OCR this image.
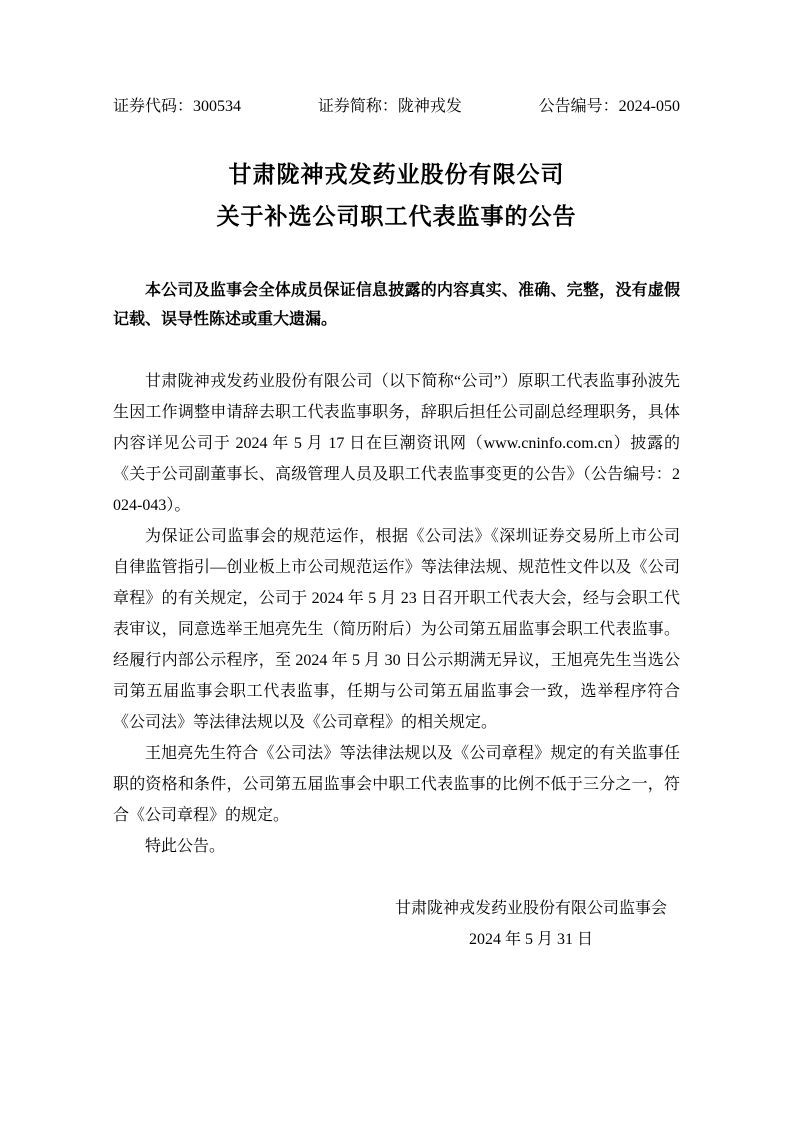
证券代码：300534	证券简称：陇神戎发	公告编号：2024-050
甘肃陇神戎发药业股份有限公司
关于补选公司职工代表监事的公告
本公司及监事会全体成员保证信息披露的内容真实、准确、完整，没有虚假记载、误导性陈述或重大遗漏。

甘肃陇神戎发药业股份有限公司（以下简称“公司”）原职工代表监事孙波先生因工作调整申请辞去职工代表监事职务，辞职后担任公司副总经理职务，具体内容详见公司于 2024 年 5 月 17 日在巨潮资讯网（www.cninfo.com.cn）披露的《关于公司副董事长、高级管理人员及职工代表监事变更的公告》（公告编号：2024-043）。

为保证公司监事会的规范运作，根据《公司法》《深圳证券交易所上市公司自律监管指引—创业板上市公司规范运作》等法律法规、规范性文件以及《公司章程》的有关规定，公司于 2024 年 5 月 23 日召开职工代表大会，经与会职工代表审议，同意选举王旭亮先生（简历附后）为公司第五届监事会职工代表监事。经履行内部公示程序，至 2024 年 5 月 30 日公示期满无异议，王旭亮先生当选公司第五届监事会职工代表监事，任期与公司第五届监事会一致，选举程序符合《公司法》等法律法规以及《公司章程》的相关规定。

王旭亮先生符合《公司法》等法律法规以及《公司章程》规定的有关监事任职的资格和条件，公司第五届监事会中职工代表监事的比例不低于三分之一，符合《公司章程》的规定。

特此公告。

甘肃陇神戎发药业股份有限公司监事会
2024 年 5 月 31 日
